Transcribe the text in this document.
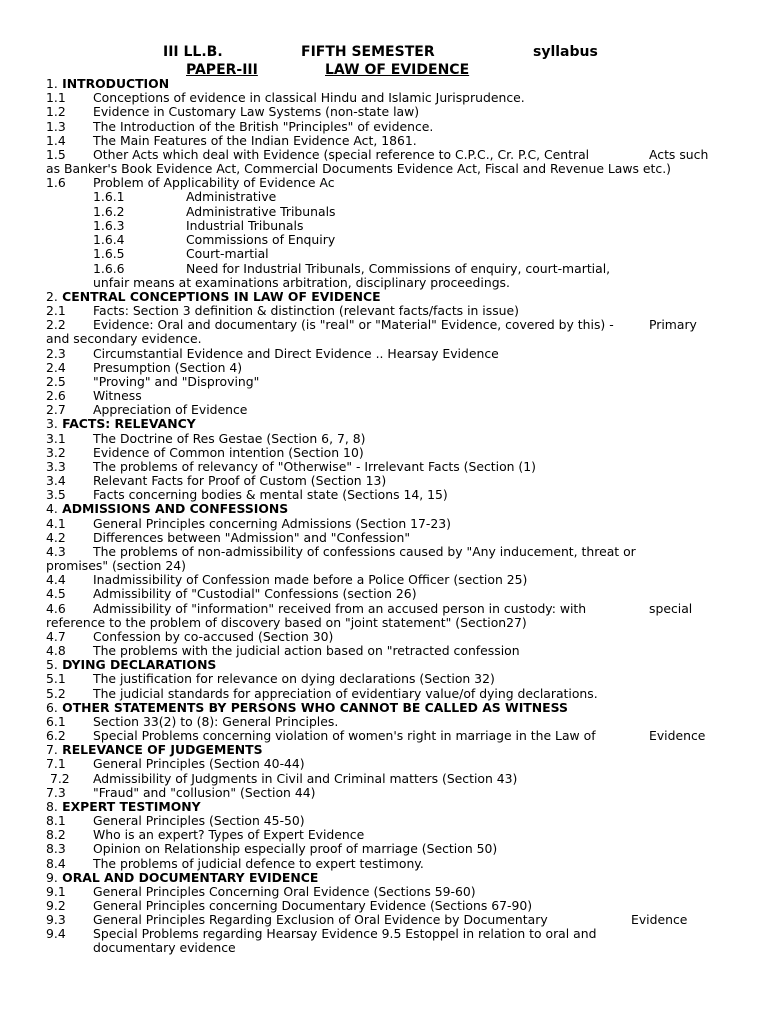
III LL.B.	FIFTH SEMESTER	syllabus
PAPER-III	LAW OF EVIDENCE
1. INTRODUCTION
1.1 Conceptions of evidence in classical Hindu and Islamic Jurisprudence.
1.2 Evidence in Customary Law Systems (non-state law)
1.3 The Introduction of the British "Principles" of evidence.
1.4 The Main Features of the Indian Evidence Act, 1861.
1.5 Other Acts which deal with Evidence (special reference to C.P.C., Cr. P.C, Central	Acts such
as Banker's Book Evidence Act, Commercial Documents Evidence Act, Fiscal and Revenue Laws etc.)
1.6 Problem of Applicability of Evidence Ac
1.6.1	Administrative
1.6.2	Administrative Tribunals
1.6.3	Industrial Tribunals
1.6.4	Commissions of Enquiry
1.6.5	Court-martial
1.6.6	Need for Industrial Tribunals, Commissions of enquiry, court-martial,
unfair means at examinations arbitration, disciplinary proceedings.
2. CENTRAL CONCEPTIONS IN LAW OF EVIDENCE
2.1 Facts: Section 3 definition & distinction (relevant facts/facts in issue)
2.2 Evidence: Oral and documentary (is "real" or "Material" Evidence, covered by this) -	Primary
and secondary evidence.
2.3 Circumstantial Evidence and Direct Evidence .. Hearsay Evidence
2.4 Presumption (Section 4)
2.5 "Proving" and "Disproving"
2.6 Witness
2.7 Appreciation of Evidence
3. FACTS: RELEVANCY
3.1 The Doctrine of Res Gestae (Section 6, 7, 8)
3.2 Evidence of Common intention (Section 10)
3.3 The problems of relevancy of "Otherwise" - Irrelevant Facts (Section (1)
3.4 Relevant Facts for Proof of Custom (Section 13)
3.5 Facts concerning bodies & mental state (Sections 14, 15)
4. ADMISSIONS AND CONFESSIONS
4.1 General Principles concerning Admissions (Section 17-23)
4.2 Differences between "Admission" and "Confession"
4.3 The problems of non-admissibility of confessions caused by "Any inducement, threat or
promises" (section 24)
4.4 Inadmissibility of Confession made before a Police Officer (section 25)
4.5 Admissibility of "Custodial" Confessions (section 26)
4.6 Admissibility of "information" received from an accused person in custody: with	special
reference to the problem of discovery based on "joint statement" (Section27)
4.7 Confession by co-accused (Section 30)
4.8 The problems with the judicial action based on "retracted confession
5. DYING DECLARATIONS
5.1 The justification for relevance on dying declarations (Section 32)
5.2 The judicial standards for appreciation of evidentiary value/of dying declarations.
6. OTHER STATEMENTS BY PERSONS WHO CANNOT BE CALLED AS WITNESS
6.1 Section 33(2) to (8): General Principles.
6.2 Special Problems concerning violation of women's right in marriage in the Law of	Evidence
7. RELEVANCE OF JUDGEMENTS
7.1 General Principles (Section 40-44)
7.2 Admissibility of Judgments in Civil and Criminal matters (Section 43)
7.3 "Fraud" and "collusion" (Section 44)
8. EXPERT TESTIMONY
8.1 General Principles (Section 45-50)
8.2 Who is an expert? Types of Expert Evidence
8.3 Opinion on Relationship especially proof of marriage (Section 50)
8.4 The problems of judicial defence to expert testimony.
9. ORAL AND DOCUMENTARY EVIDENCE
9.1 General Principles Concerning Oral Evidence (Sections 59-60)
9.2 General Principles concerning Documentary Evidence (Sections 67-90)
9.3 General Principles Regarding Exclusion of Oral Evidence by Documentary	Evidence
9.4 Special Problems regarding Hearsay Evidence 9.5 Estoppel in relation to oral and
documentary evidence
